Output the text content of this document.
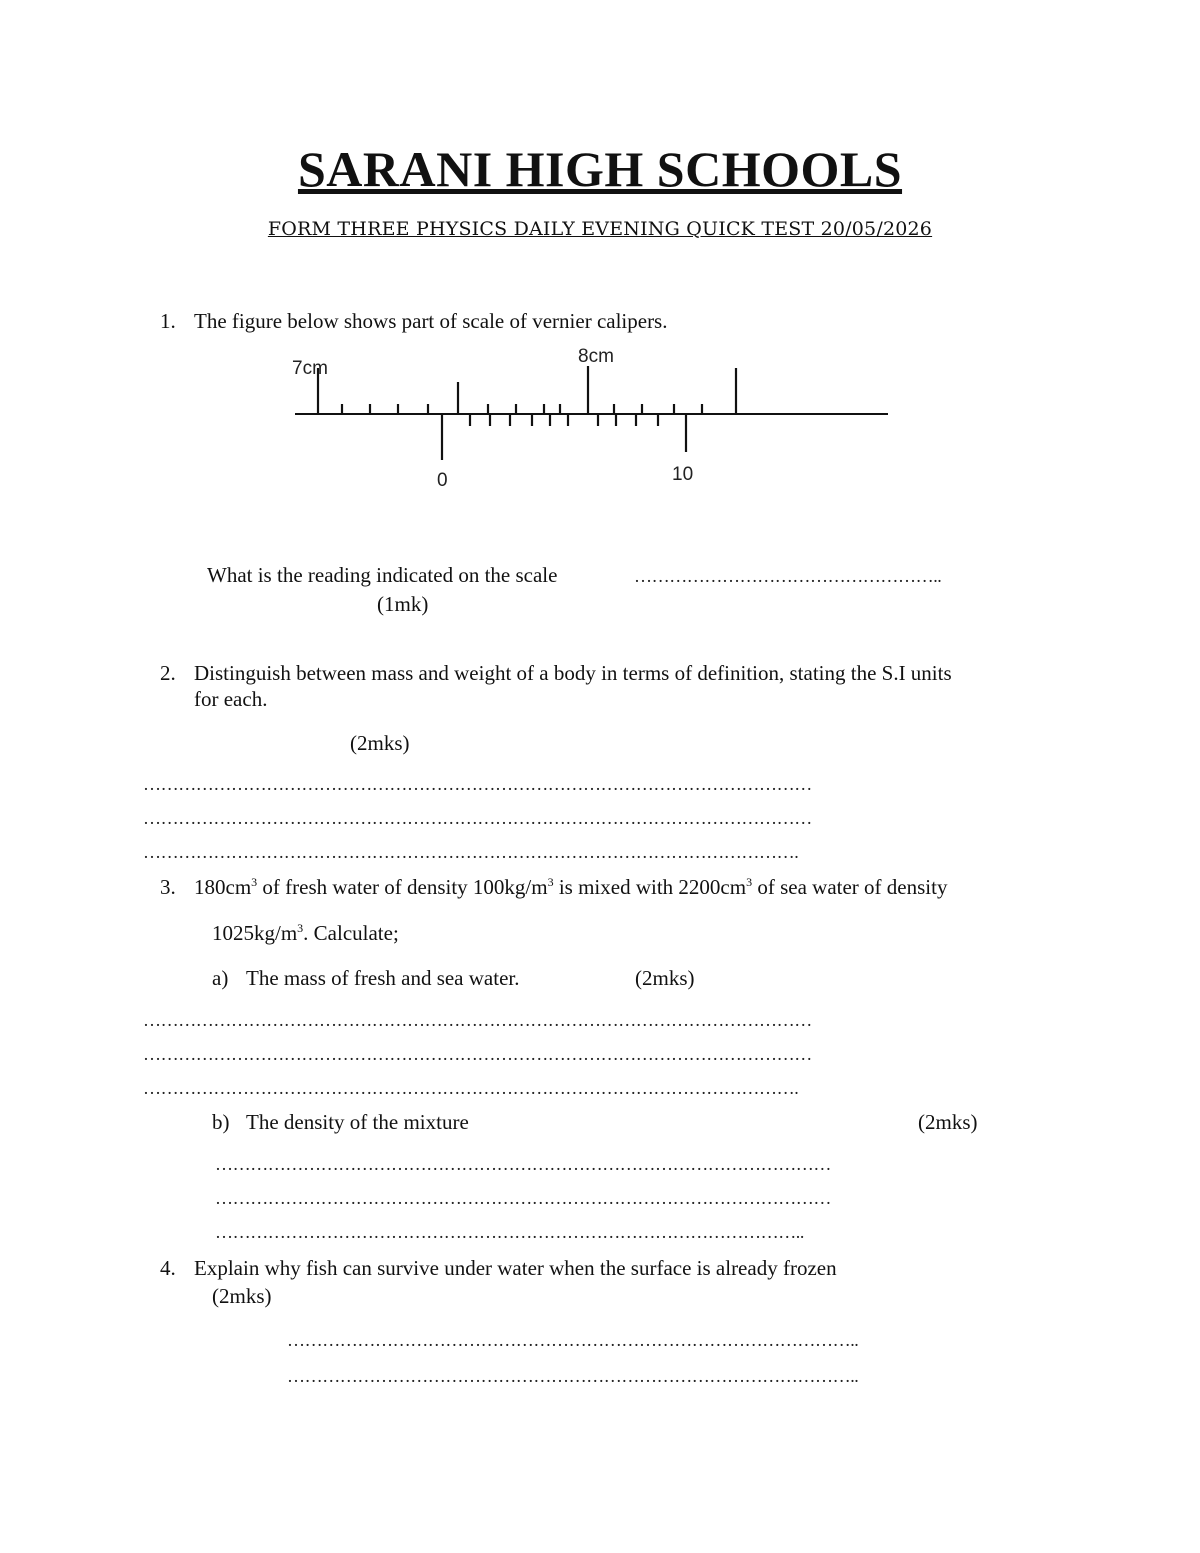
SARANI HIGH SCHOOLS
FORM THREE PHYSICS DAILY EVENING QUICK TEST 20/05/2026
1. The figure below shows part of scale of vernier calipers.
7cm
8cm
0	10
What is the reading indicated on the scale	……………………………………………..
(1mk)
2. Distinguish between mass and weight of a body in terms of definition, stating the S.I units
for each.
(2mks)
……………………………………………………………………………………………………
……………………………………………………………………………………………………
………………………………………………………………………………………………….
3. $180cm^3$ of fresh water of density $100kg/m^3$ is mixed with $2200cm^3$ of sea water of density
$1025kg/m^3$. Calculate;
a) The mass of fresh and sea water.	(2mks)
……………………………………………………………………………………………………
……………………………………………………………………………………………………
………………………………………………………………………………………………….
b) The density of the mixture	(2mks)
……………………………………………………………………………………………
……………………………………………………………………………………………
………………………………………………………………………………………..
4. Explain why fish can survive under water when the surface is already frozen
(2mks)
……………………………………………………………………………………..
……………………………………………………………………………………..
